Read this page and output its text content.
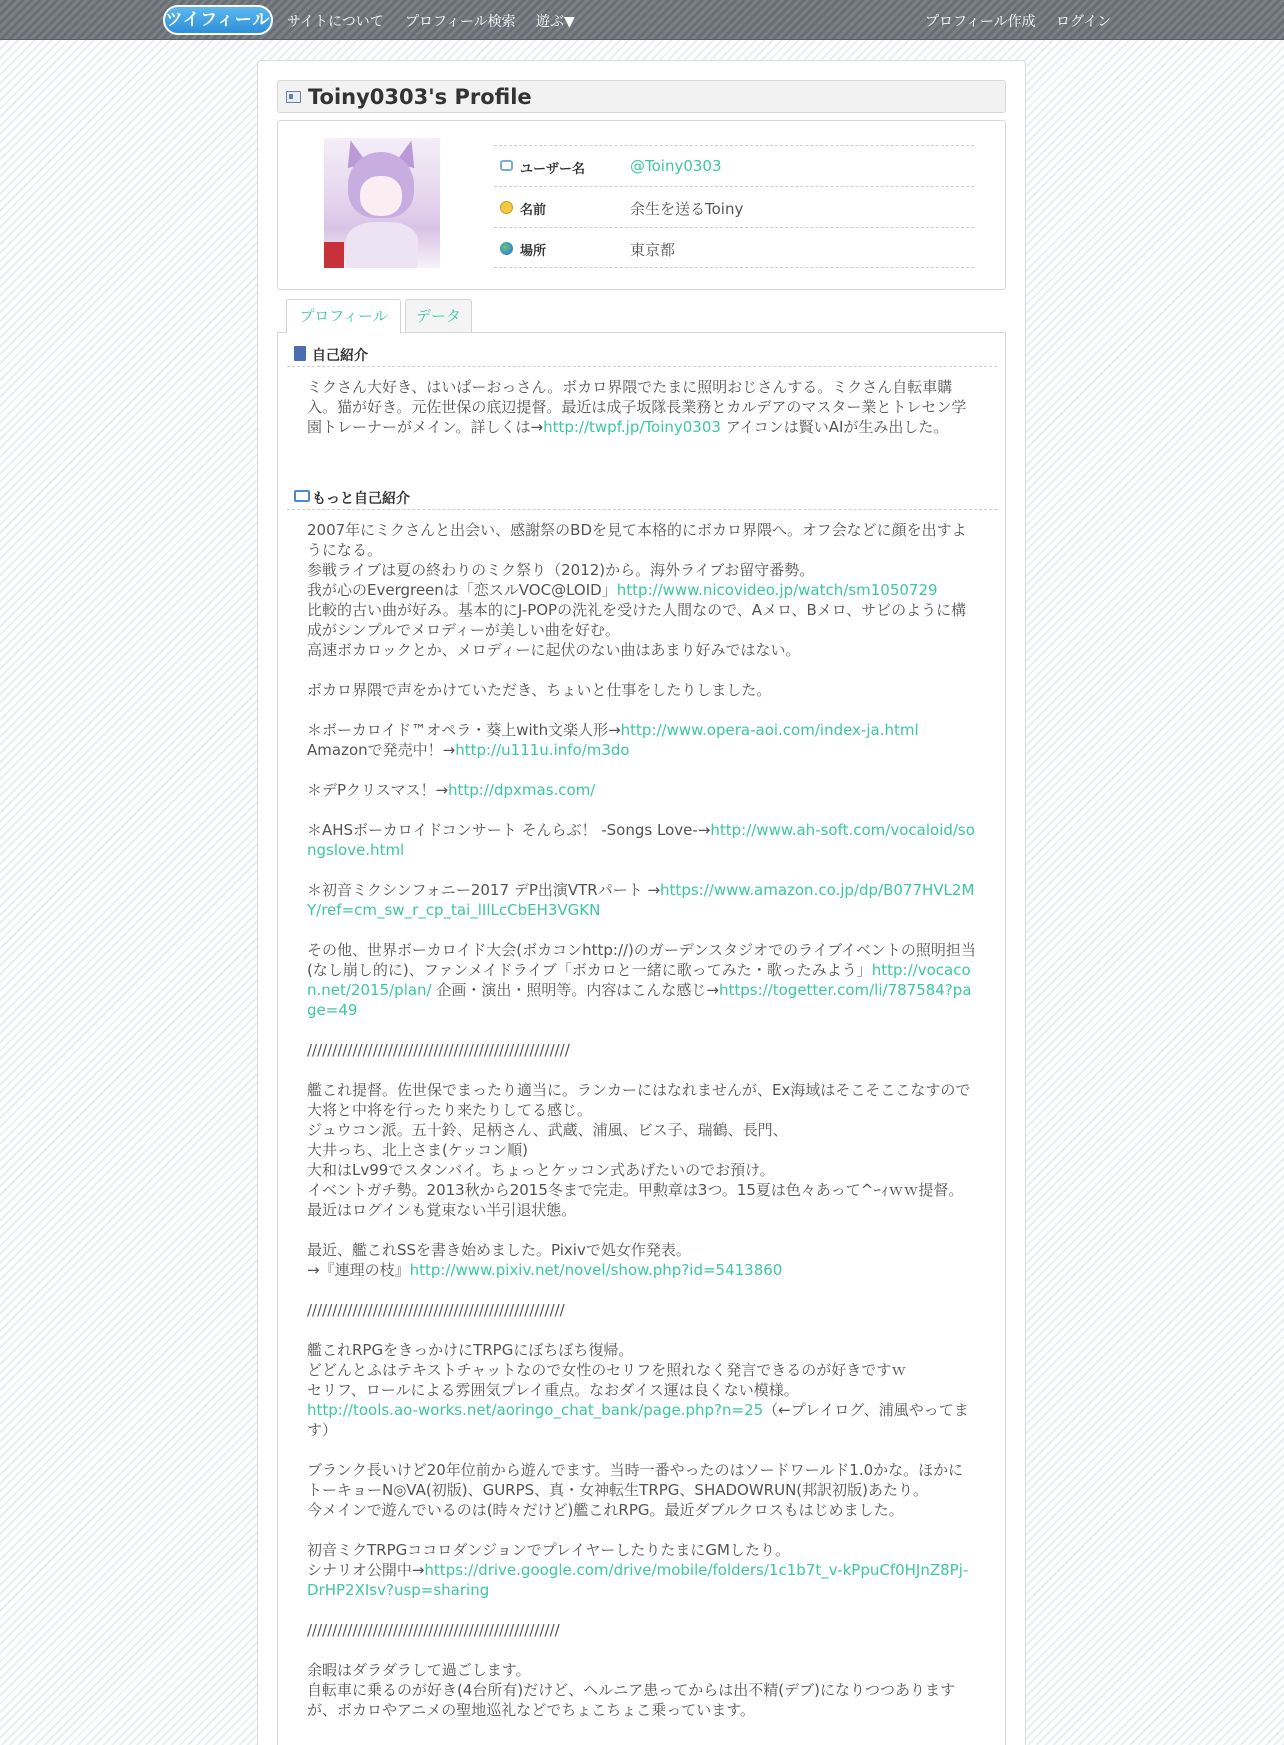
ツイフィール サイトについて プロフィール検索 遊ぶ▼	プロフィール作成 ログイン
Toiny0303's Profile
ユーザー名	@Toiny0303
名前	余生を送るToiny
場所	東京都
プロフィール	データ
自己紹介
ミクさん大好き、はいぱーおっさん。ボカロ界隈でたまに照明おじさんする。ミクさん自転車購入。猫が好き。元佐世保の底辺提督。最近は成子坂隊長業務とカルデアのマスター業とトレセン学園トレーナーがメイン。詳しくは→http://twpf.jp/Toiny0303 アイコンは賢いAIが生み出した。
もっと自己紹介
2007年にミクさんと出会い、感謝祭のBDを見て本格的にボカロ界隈へ。オフ会などに顔を出すようになる。
参戦ライブは夏の終わりのミク祭り（2012)から。海外ライブお留守番勢。
我が心のEvergreenは「恋スルVOC@LOID」http://www.nicovideo.jp/watch/sm1050729
比較的古い曲が好み。基本的にJ-POPの洗礼を受けた人間なので、Aメロ、Bメロ、サビのように構成がシンプルでメロディーが美しい曲を好む。
高速ボカロックとか、メロディーに起伏のない曲はあまり好みではない。
ボカロ界隈で声をかけていただき、ちょいと仕事をしたりしました。
＊ボーカロイド™オペラ・葵上with文楽人形→http://www.opera-aoi.com/index-ja.html
Amazonで発売中！→http://u111u.info/m3do
＊デPクリスマス！→http://dpxmas.com/
＊AHSボーカロイドコンサート そんらぶ！ -Songs Love-→http://www.ah-soft.com/vocaloid/songslove.html
＊初音ミクシンフォニー2017 デP出演VTRパート →https://www.amazon.co.jp/dp/B077HVL2MY/ref=cm_sw_r_cp_tai_lIlLcCbEH3VGKN
その他、世界ボーカロイド大会(ボカコンhttp://)のガーデンスタジオでのライブイベントの照明担当(なし崩し的に)、ファンメイドライブ「ボカロと一緒に歌ってみた・歌ったみよう」http://vocacon.net/2015/plan/ 企画・演出・照明等。内容はこんな感じ→https://togetter.com/li/787584?page=49
////////////////////////////////////////////////////
艦これ提督。佐世保でまったり適当に。ランカーにはなれませんが、Ex海域はそこそここなすので大将と中将を行ったり来たりしてる感じ。
ジュウコン派。五十鈴、足柄さん、武蔵、浦風、ビス子、瑞鶴、長門、
大井っち、北上さま(ケッコン順)
大和はLv99でスタンバイ。ちょっとケッコン式あげたいのでお預け。
イベントガチ勢。2013秋から2015冬まで完走。甲勲章は3つ。15夏は色々あって^ｰｨｗｗ提督。
最近はログインも覚束ない半引退状態。
最近、艦これSSを書き始めました。Pixivで処女作発表。
→『連理の枝』http://www.pixiv.net/novel/show.php?id=5413860
///////////////////////////////////////////////////
艦これRPGをきっかけにTRPGにぼちぼち復帰。
どどんとふはテキストチャットなので女性のセリフを照れなく発言できるのが好きですｗ
セリフ、ロールによる雰囲気プレイ重点。なおダイス運は良くない模様。
http://tools.ao-works.net/aoringo_chat_bank/page.php?n=25（←プレイログ、浦風やってます）
ブランク長いけど20年位前から遊んでます。当時一番やったのはソードワールド1.0かな。ほかにトーキョーN◎VA(初版)、GURPS、真・女神転生TRPG、SHADOWRUN(邦訳初版)あたり。
今メインで遊んでいるのは(時々だけど)艦これRPG。最近ダブルクロスもはじめました。
初音ミクTRPGココロダンジョンでプレイヤーしたりたまにGMしたり。
シナリオ公開中→https://drive.google.com/drive/mobile/folders/1c1b7t_v-kPpuCf0HJnZ8Pj-DrHP2XIsv?usp=sharing
//////////////////////////////////////////////////
余暇はダラダラして過ごします。
自転車に乗るのが好き(4台所有)だけど、ヘルニア患ってからは出不精(デブ)になりつつありますが、ボカロやアニメの聖地巡礼などでちょこちょこ乗っています。
